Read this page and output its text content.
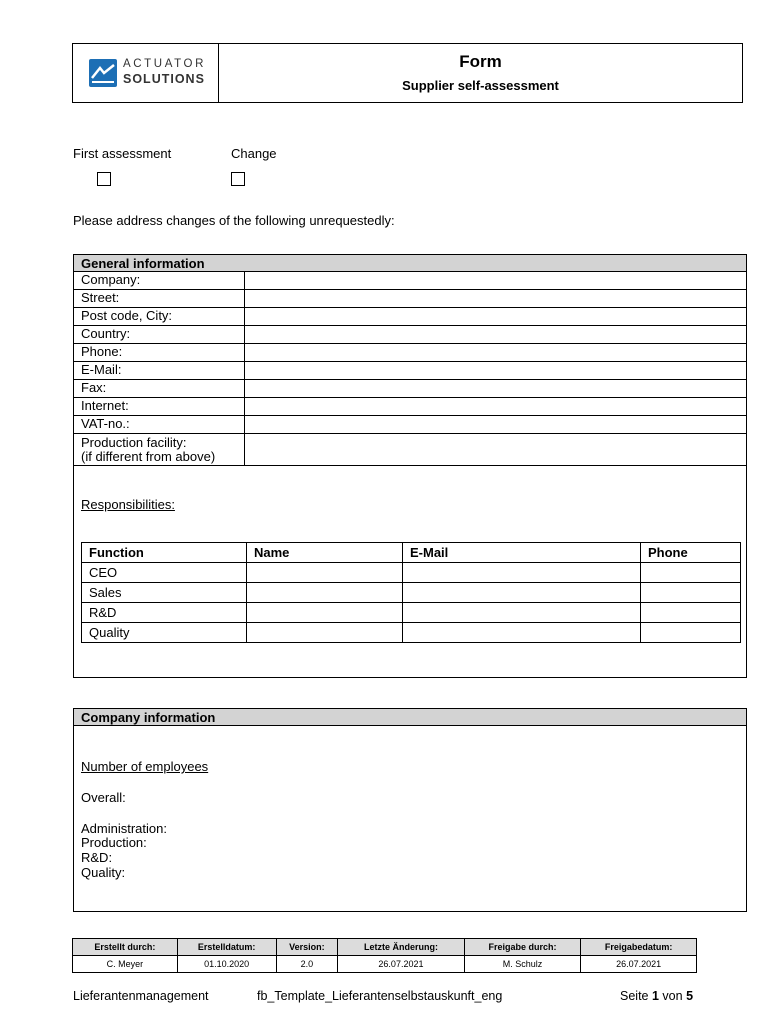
ACTUATOR
SOLUTIONS
Form
Supplier self-assessment
First assessment	Change
Please address changes of the following unrequestedly:
General information
Company:
Street:
Post code, City:
Country:
Phone:
E-Mail:
Fax:
Internet:
VAT-no.:
Production facility:
(if different from above)
Responsibilities:
Function	Name	E-Mail	Phone
CEO			
Sales			
R&D			
Quality			
Company information
Number of employees
Overall:
Administration:
Production:
R&D:
Quality:
Erstellt durch:	Erstelldatum:	Version:	Letzte Änderung:	Freigabe durch:	Freigabedatum:
C. Meyer	01.10.2020	2.0	26.07.2021	M. Schulz	26.07.2021
Lieferantenmanagement	fb_Template_Lieferantenselbstauskunft_eng	Seite 1 von 5
